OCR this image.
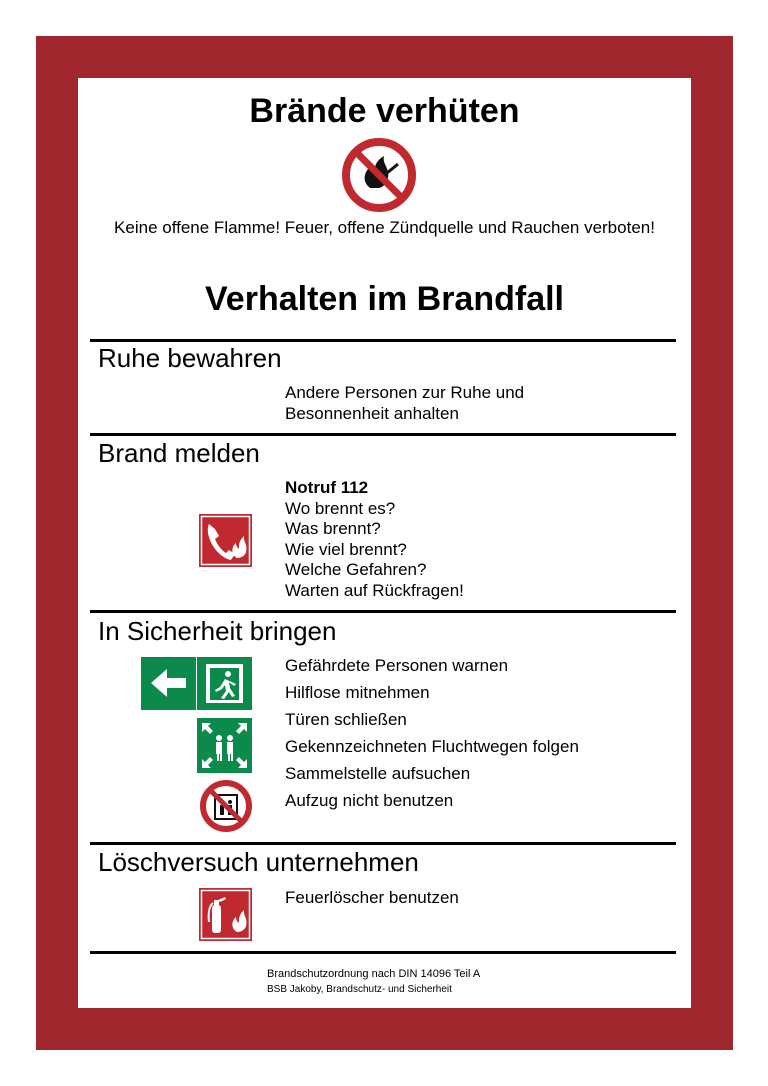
Brände verhüten
Keine offene Flamme! Feuer, offene Zündquelle und Rauchen verboten!
Verhalten im Brandfall
Ruhe bewahren
Andere Personen zur Ruhe und
Besonnenheit anhalten
Brand melden
Notruf 112
Wo brennt es?
Was brennt?
Wie viel brennt?
Welche Gefahren?
Warten auf Rückfragen!
In Sicherheit bringen
Gefährdete Personen warnen
Hilflose mitnehmen
Türen schließen
Gekennzeichneten Fluchtwegen folgen
Sammelstelle aufsuchen
Aufzug nicht benutzen
Löschversuch unternehmen
Feuerlöscher benutzen
Brandschutzordnung nach DIN 14096 Teil A
BSB Jakoby, Brandschutz- und Sicherheit
